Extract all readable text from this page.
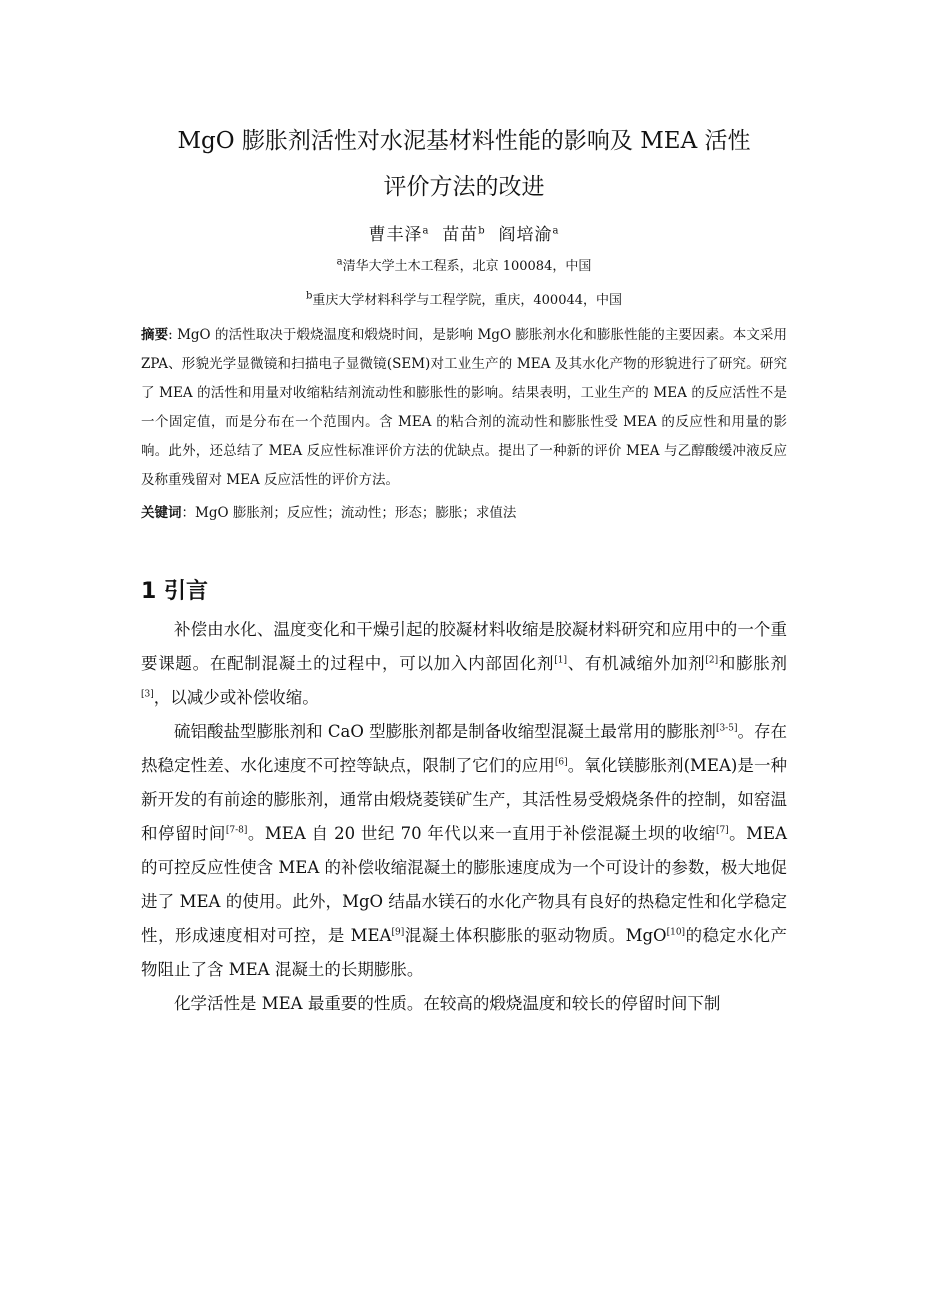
MgO 膨胀剂活性对水泥基材料性能的影响及 MEA 活性
评价方法的改进
曹丰泽$^a$ 苗苗$^b$ 阎培渝$^a$
$^a$清华大学土木工程系，北京 100084，中国
$^b$重庆大学材料科学与工程学院，重庆，400044，中国
摘要: MgO 的活性取决于煅烧温度和煅烧时间，是影响 MgO 膨胀剂水化和膨胀性能的主要因素。本文采用 ZPA、形貌光学显微镜和扫描电子显微镜(SEM)对工业生产的 MEA 及其水化产物的形貌进行了研究。研究了 MEA 的活性和用量对收缩粘结剂流动性和膨胀性的影响。结果表明，工业生产的 MEA 的反应活性不是一个固定值，而是分布在一个范围内。含 MEA 的粘合剂的流动性和膨胀性受 MEA 的反应性和用量的影响。此外，还总结了 MEA 反应性标准评价方法的优缺点。提出了一种新的评价 MEA 与乙醇酸缓冲液反应及称重残留对 MEA 反应活性的评价方法。
关键词：MgO 膨胀剂；反应性；流动性；形态；膨胀；求值法
1 引言

补偿由水化、温度变化和干燥引起的胶凝材料收缩是胶凝材料研究和应用中的一个重要课题。在配制混凝土的过程中，可以加入内部固化剂[1]、有机减缩外加剂[2]和膨胀剂[3]，以减少或补偿收缩。

硫铝酸盐型膨胀剂和 CaO 型膨胀剂都是制备收缩型混凝土最常用的膨胀剂[3-5]。存在热稳定性差、水化速度不可控等缺点，限制了它们的应用[6]。氧化镁膨胀剂(MEA)是一种新开发的有前途的膨胀剂，通常由煅烧菱镁矿生产，其活性易受煅烧条件的控制，如窑温和停留时间[7-8]。MEA 自 20 世纪 70 年代以来一直用于补偿混凝土坝的收缩[7]。MEA 的可控反应性使含 MEA 的补偿收缩混凝土的膨胀速度成为一个可设计的参数，极大地促进了 MEA 的使用。此外，MgO 结晶水镁石的水化产物具有良好的热稳定性和化学稳定性，形成速度相对可控，是 MEA[9]混凝土体积膨胀的驱动物质。MgO[10]的稳定水化产物阻止了含 MEA 混凝土的长期膨胀。

化学活性是 MEA 最重要的性质。在较高的煅烧温度和较长的停留时间下制
